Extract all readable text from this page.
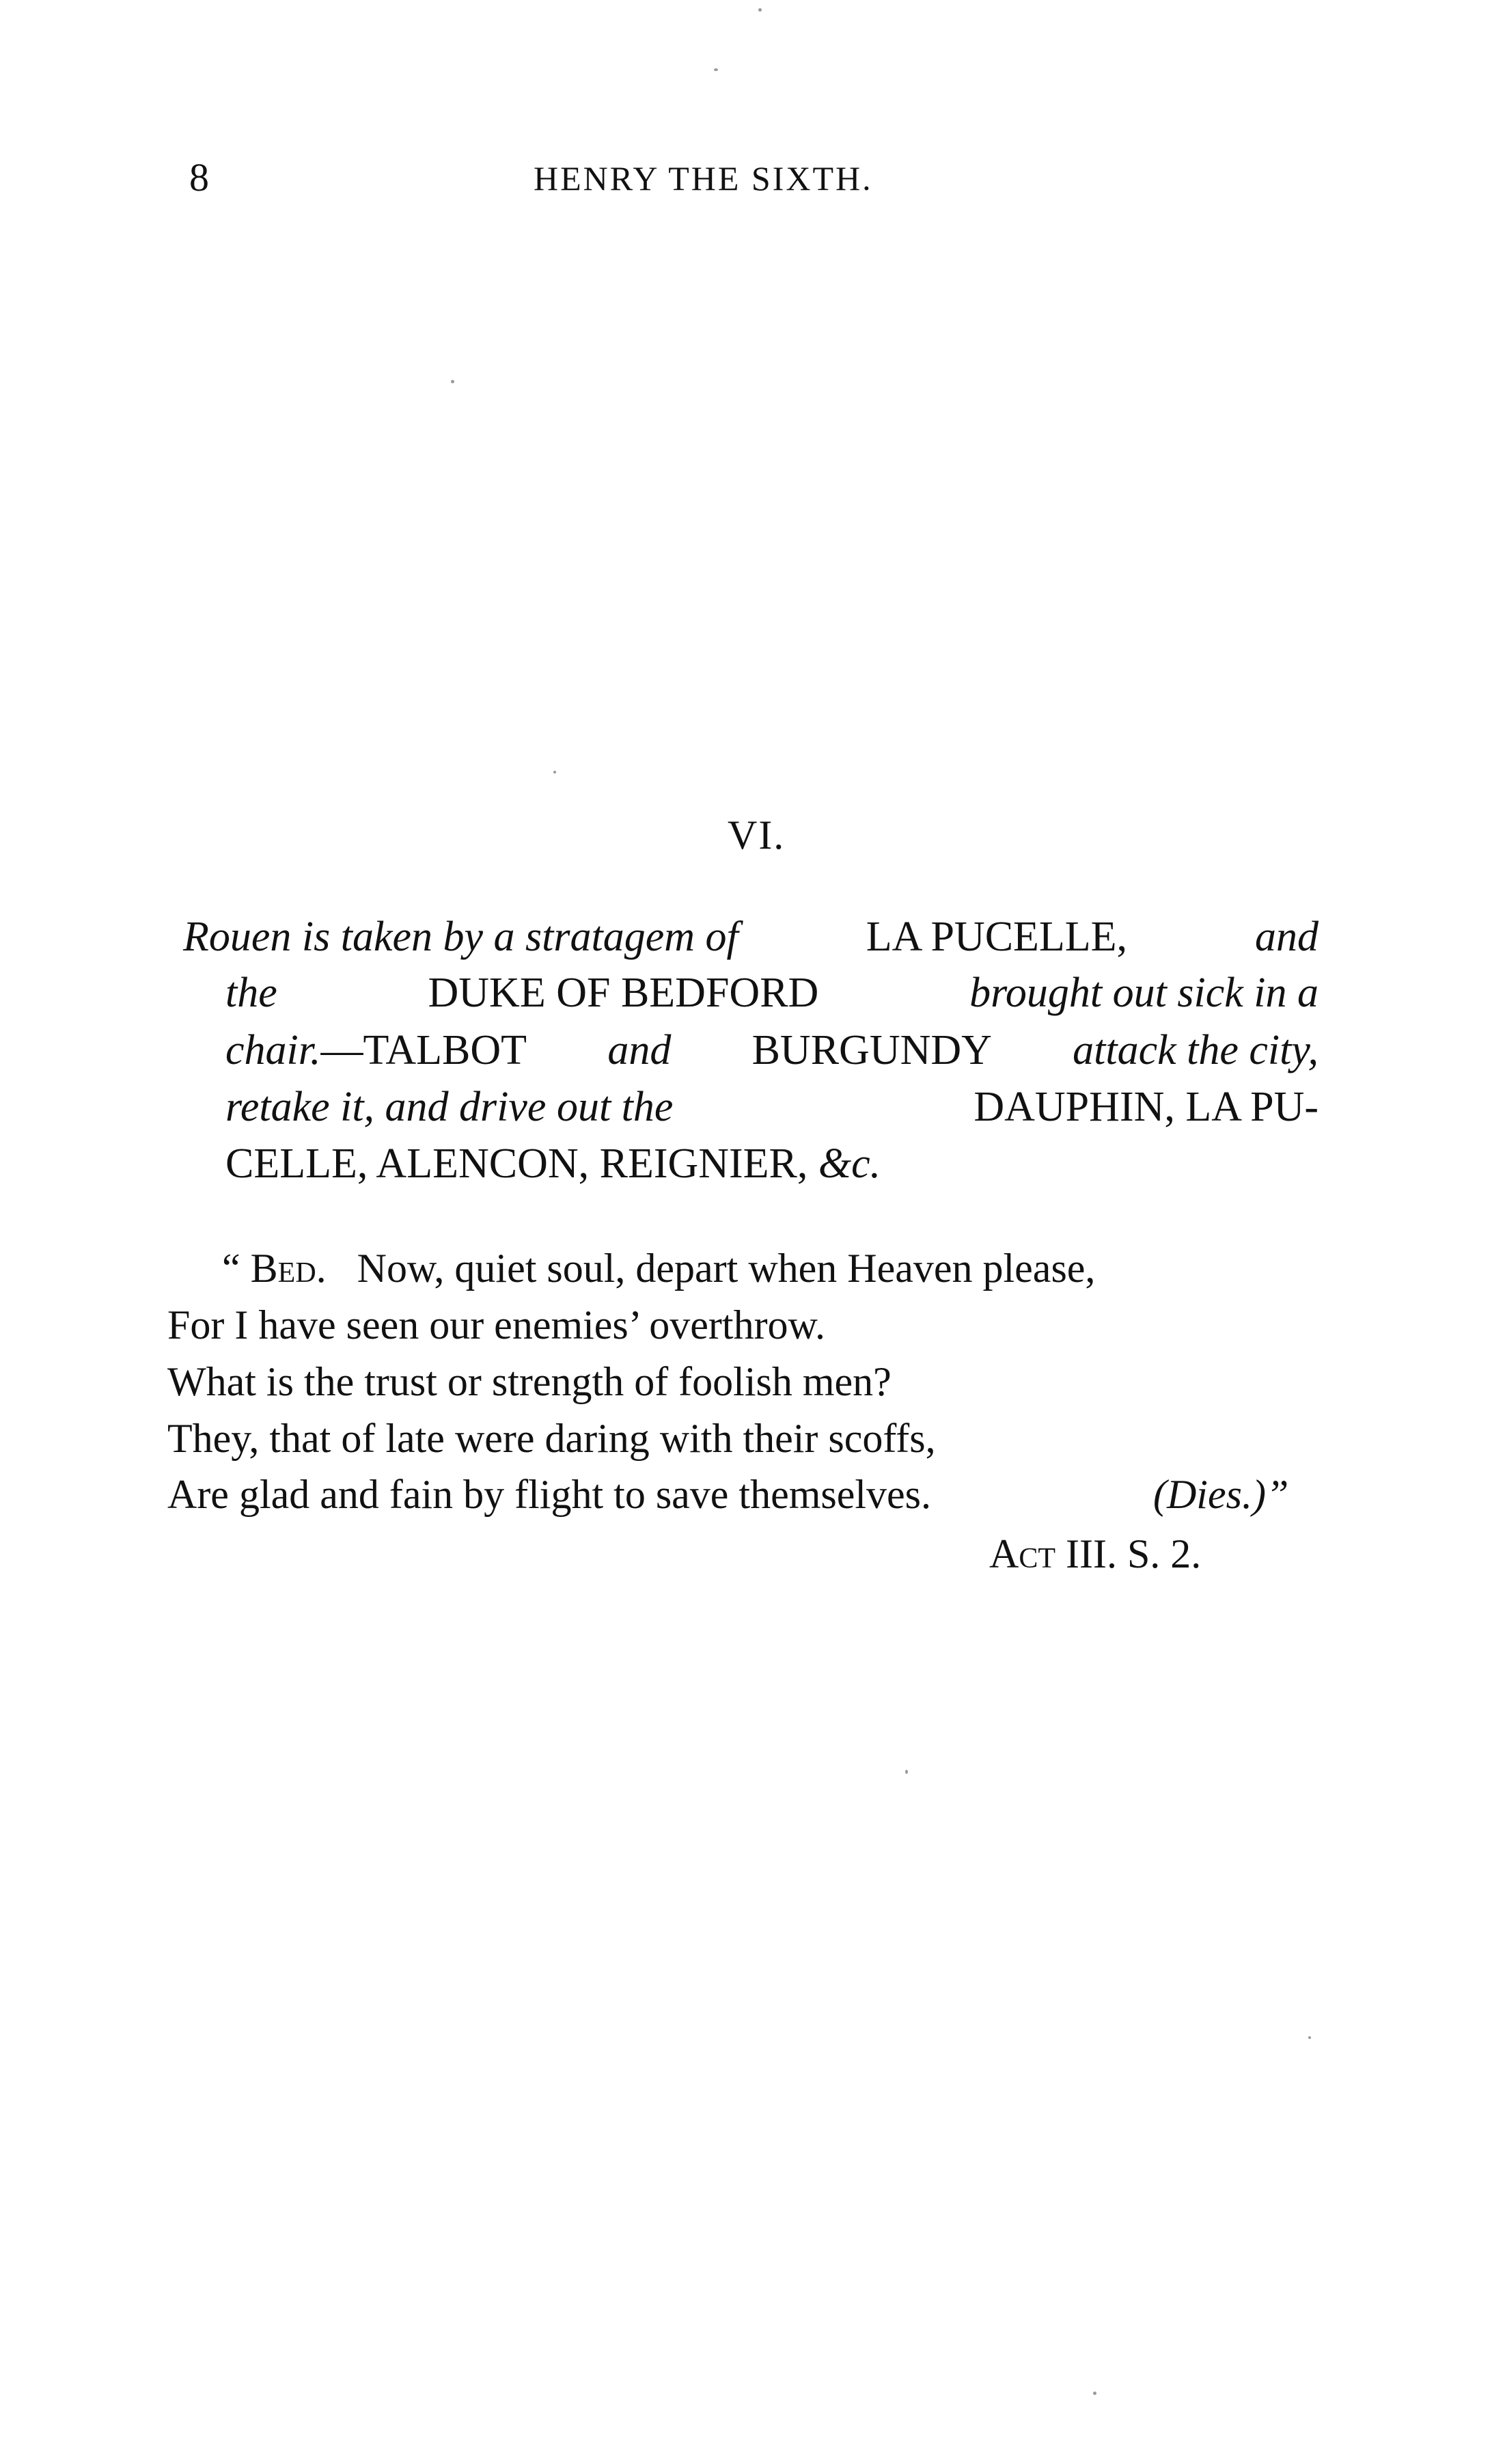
8	HENRY THE SIXTH.
VI.
Rouen is taken by a stratagem of	LA PUCELLE,	and
the	DUKE OF BEDFORD	brought out sick in a
chair.—TALBOT and BURGUNDY attack the city,
retake it, and drive out the	DAUPHIN, LA PU-
CELLE, ALENCON, REIGNIER, &c.
“ Bed. Now, quiet soul, depart when Heaven please,
For I have seen our enemies’ overthrow.
What is the trust or strength of foolish men?
They, that of late were daring with their scoffs,
Are glad and fain by flight to save themselves.	(Dies.)”
Act III. S. 2.
